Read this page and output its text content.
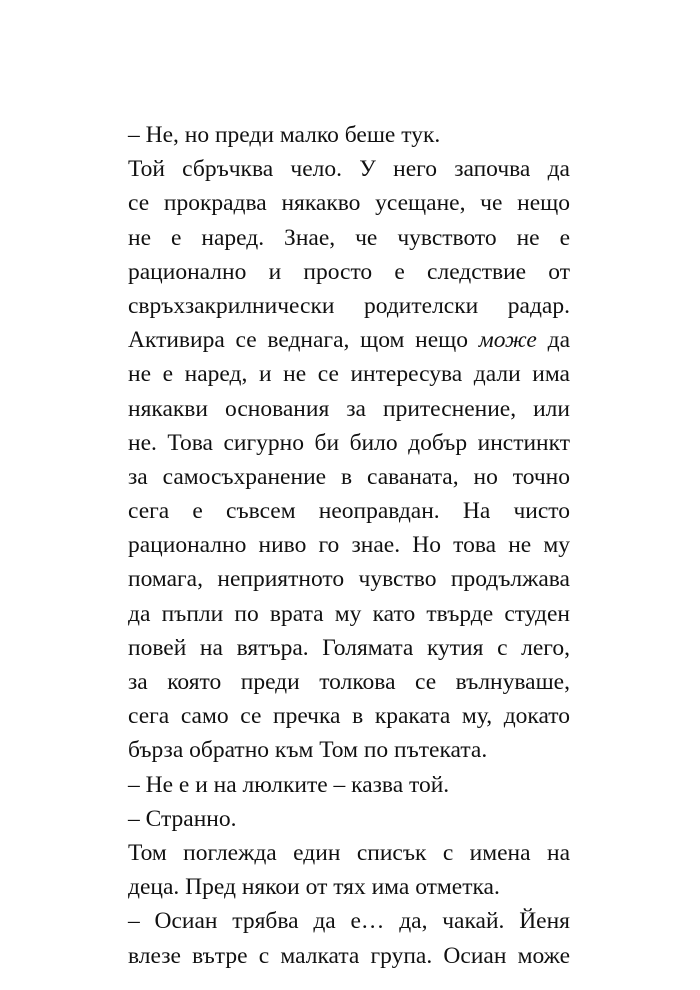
– Не, но преди малко беше тук.

Той сбръчква чело. У него започва да
се прокрадва някакво усещане, че нещо
не е наред. Знае, че чувството не е
рационално и просто е следствие от
свръхзакрилнически родителски радар.
Активира се веднага, щом нещо може да
не е наред, и не се интересува дали има
някакви основания за притеснение, или
не. Това сигурно би било добър инстинкт
за самосъхранение в саваната, но точно
сега е съвсем неоправдан. На чисто
рационално ниво го знае. Но това не му
помага, неприятното чувство продължава
да пъпли по врата му като твърде студен
повей на вятъра. Голямата кутия с лего,
за която преди толкова се вълнуваше,
сега само се пречка в краката му, докато
бърза обратно към Том по пътеката.

– Не е и на люлките – казва той.

– Странно.

Том поглежда един списък с имена на
деца. Пред някои от тях има отметка.

– Осиан трябва да е… да, чакай. Йеня
влезе вътре с малката група. Осиан може
